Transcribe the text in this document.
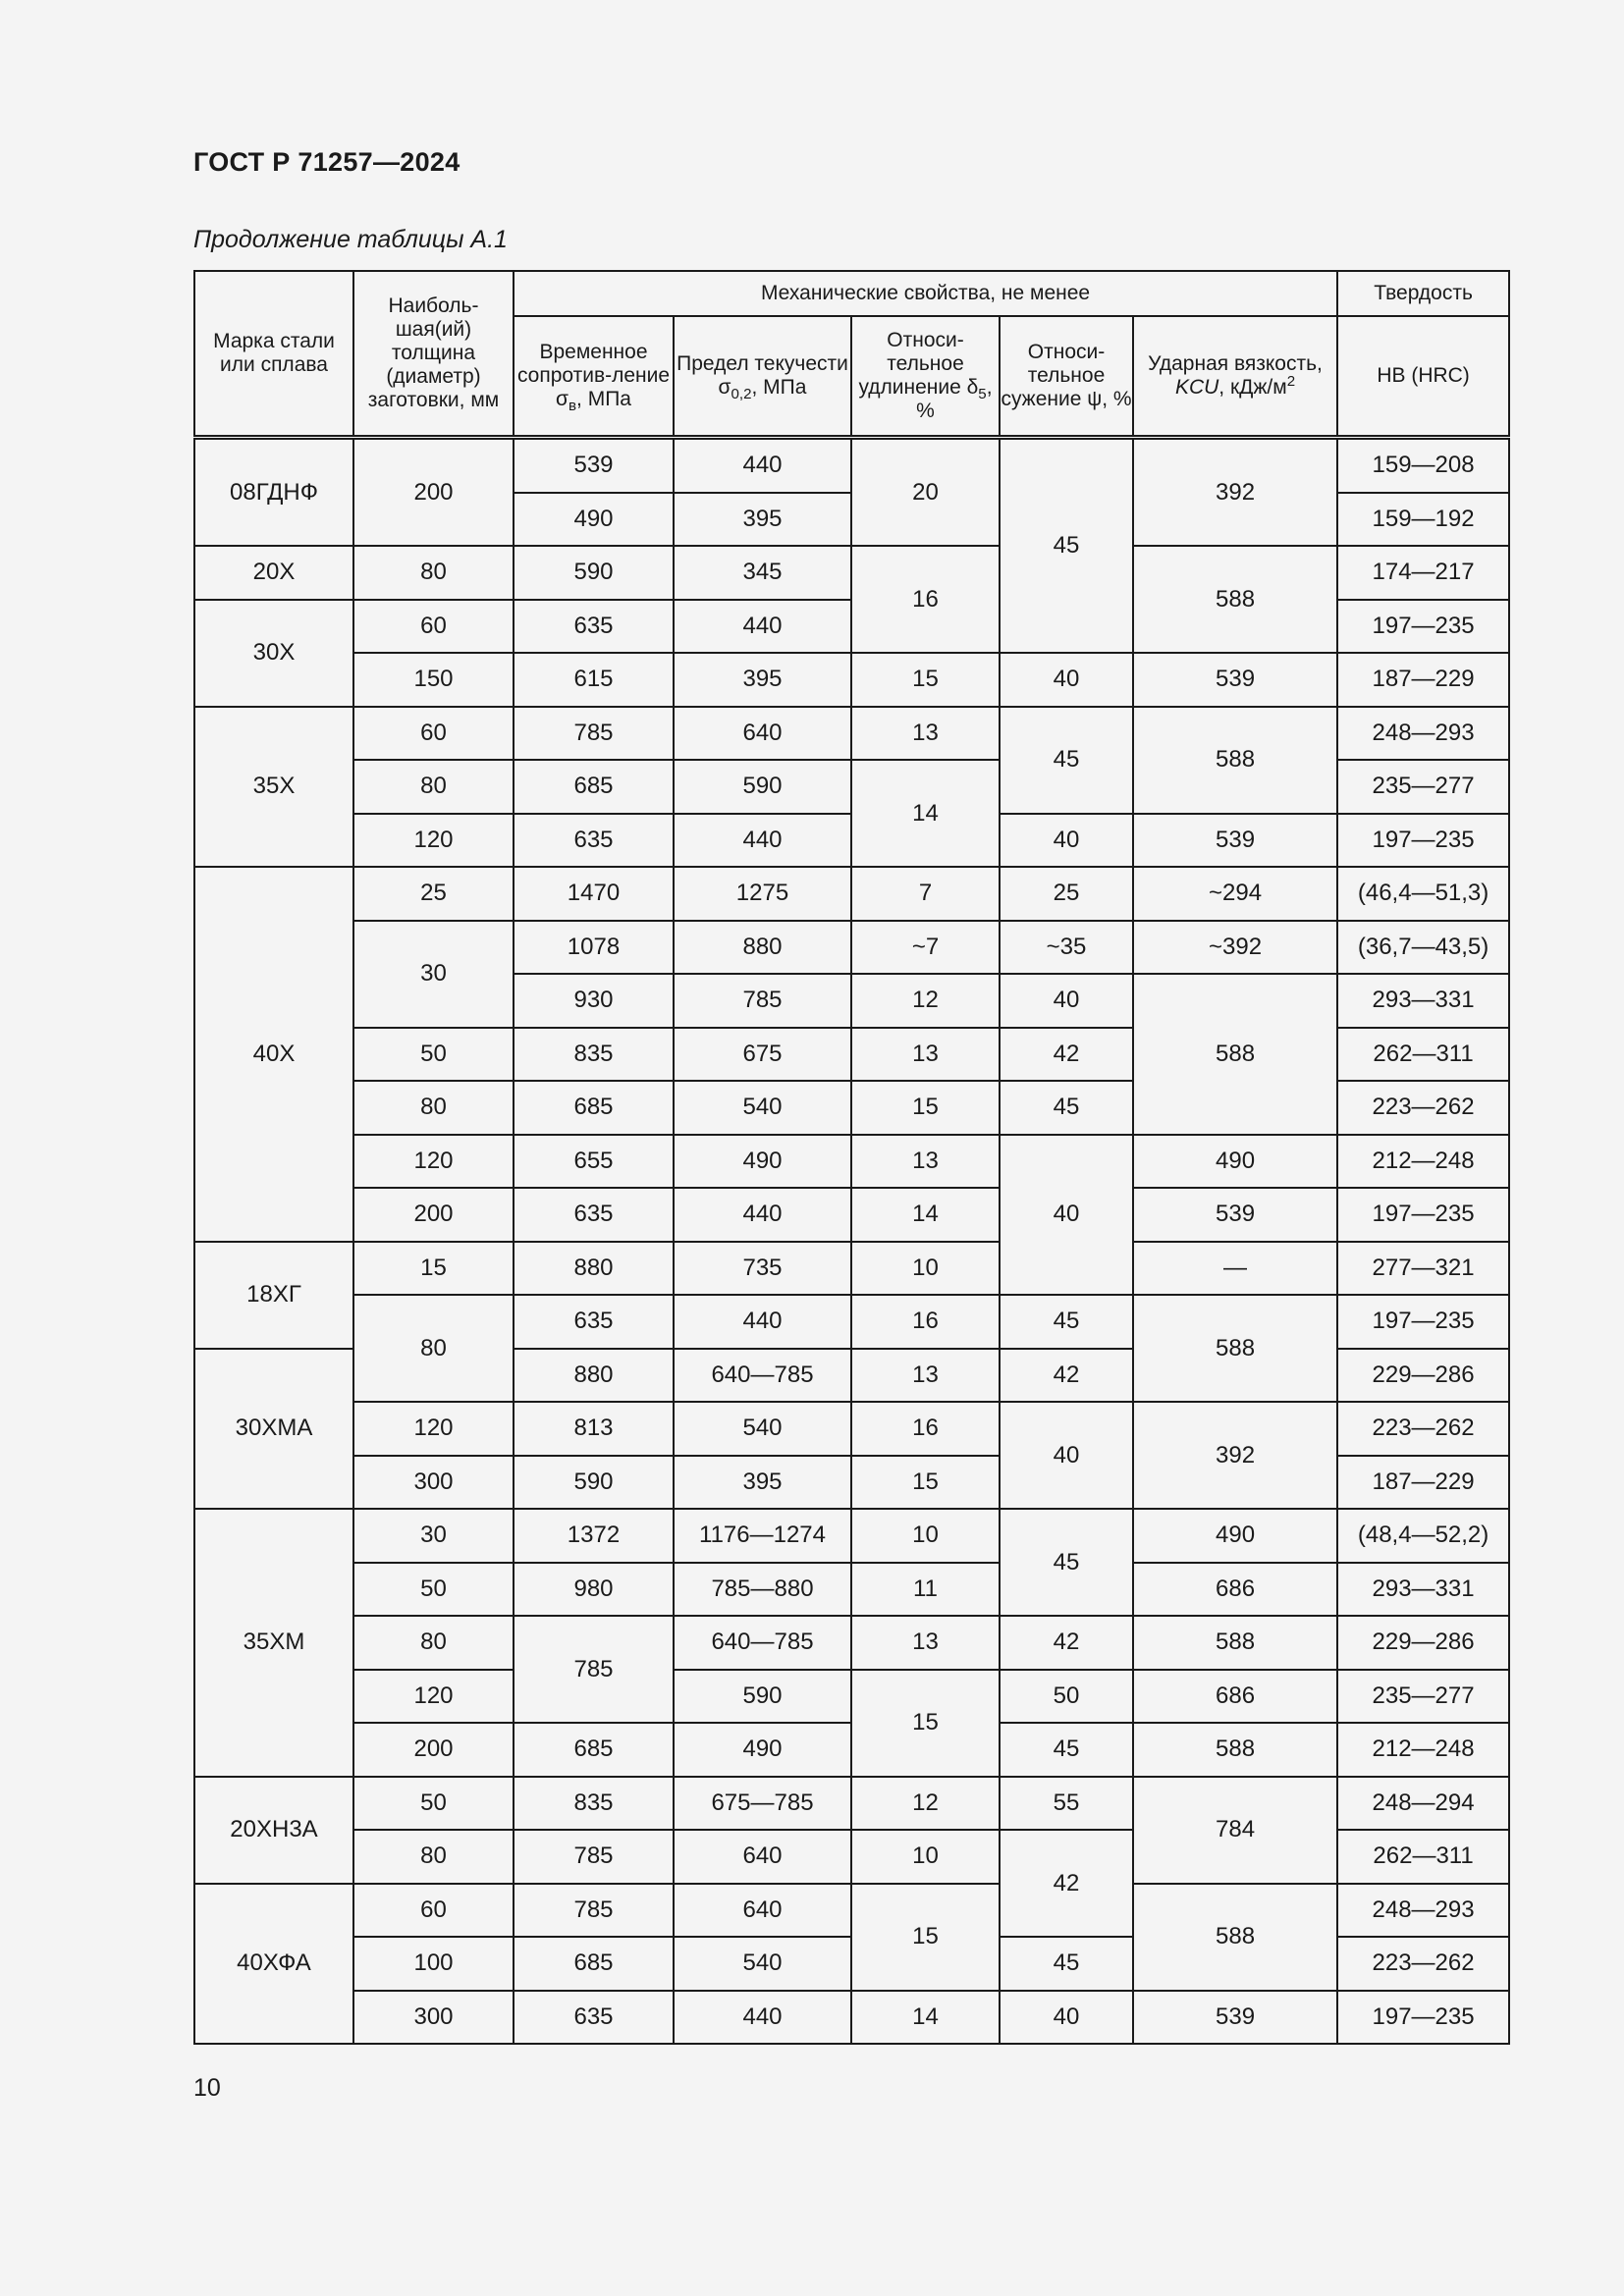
ГОСТ Р 71257—2024
Продолжение таблицы А.1
Марка стали или сплава	Наиболь-шая(ий) толщина (диаметр) заготовки, мм	Механические свойства, не менее					Твердость
		Временное сопротив-ление $\sigma_в$, МПа	Предел текучести $\sigma_{0,2}$, МПа	Относи-тельное удлинение $\delta_5$, %	Относи-тельное сужение ψ, %	Ударная вязкость, KCU, кДж/$м^2$	НВ (HRC)
08ГДНФ	200	539	440	20	45	392	159—208
		490	395				159—192
20Х	80	590	345	16		588	174—217
30Х	60	635	440				197—235
	150	615	395	15	40	539	187—229
35Х	60	785	640	13	45	588	248—293
	80	685	590	14			235—277
	120	635	440		40	539	197—235
40Х	25	1470	1275	7	25	~294	(46,4—51,3)
	30	1078	880	~7	~35	~392	(36,7—43,5)
		930	785	12	40	588	293—331
	50	835	675	13	42		262—311
	80	685	540	15	45		223—262
	120	655	490	13	40	490	212—248
	200	635	440	14		539	197—235
18ХГ	15	880	735	10		—	277—321
	80	635	440	16	45	588	197—235
30ХМА		880	640—785	13	42		229—286
	120	813	540	16	40	392	223—262
	300	590	395	15			187—229
35ХМ	30	1372	1176—1274	10	45	490	(48,4—52,2)
	50	980	785—880	11		686	293—331
	80	785	640—785	13	42	588	229—286
	120		590	15	50	686	235—277
	200	685	490		45	588	212—248
20ХН3А	50	835	675—785	12	55	784	248—294
	80	785	640	10	42		262—311
40ХФА	60	785	640	15		588	248—293
	100	685	540		45		223—262
	300	635	440	14	40	539	197—235
10
